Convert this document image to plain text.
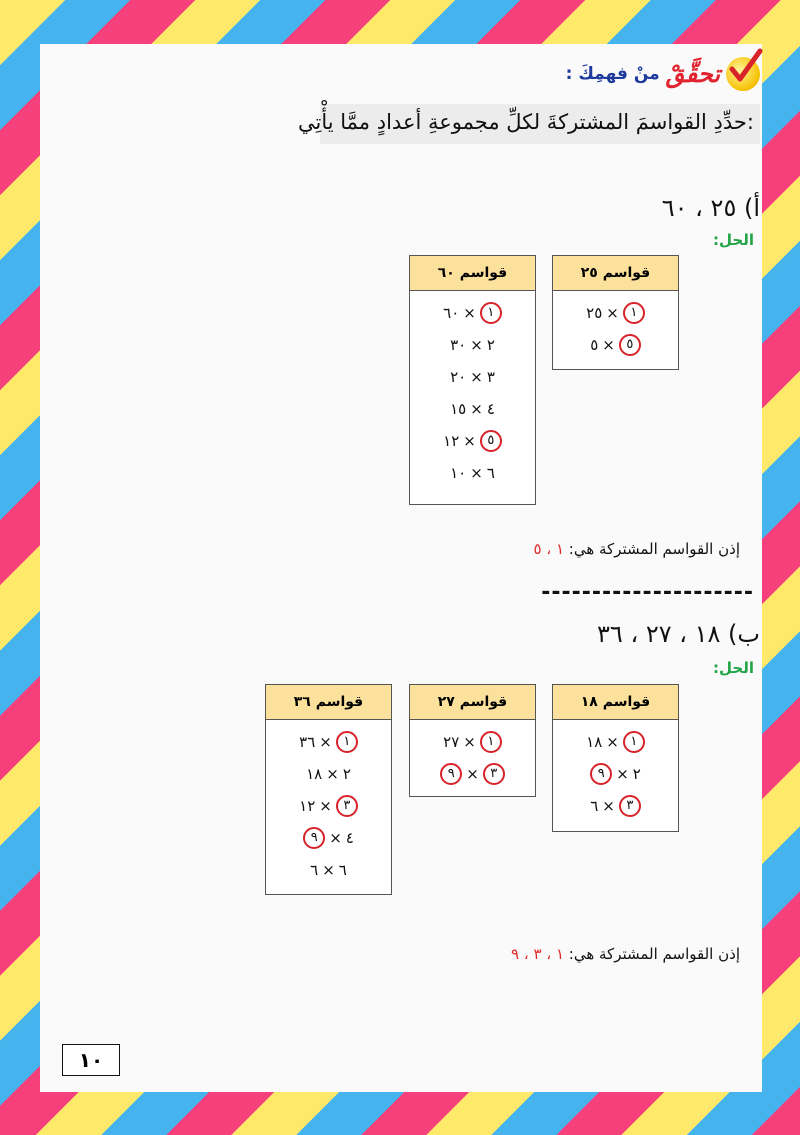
تحقَّقْ
منْ فهمِكَ :
حدِّدِ القواسمَ المشتركةَ لكلِّ مجموعةِ أعدادٍ ممَّا يأْتِي:
أ) ٢٥ ، ٦٠
الحل:
قواسم ٢٥
١
×
٢٥
٥
×
٥
قواسم ٦٠
١
×
٦٠
٢
×
٣٠
٣
×
٢٠
٤
×
١٥
٥
×
١٢
٦
×
١٠
إذن القواسم المشتركة هي: ١ ، ٥
---------------------
ب) ١٨ ، ٢٧ ، ٣٦
الحل:
قواسم ١٨
١
×
١٨
٢
×
٩
٣
×
٦
قواسم ٢٧
١
×
٢٧
٣
×
٩
قواسم ٣٦
١
×
٣٦
٢
×
١٨
٣
×
١٢
٤
×
٩
٦
×
٦
إذن القواسم المشتركة هي: ١ ، ٣ ، ٩
١٠
